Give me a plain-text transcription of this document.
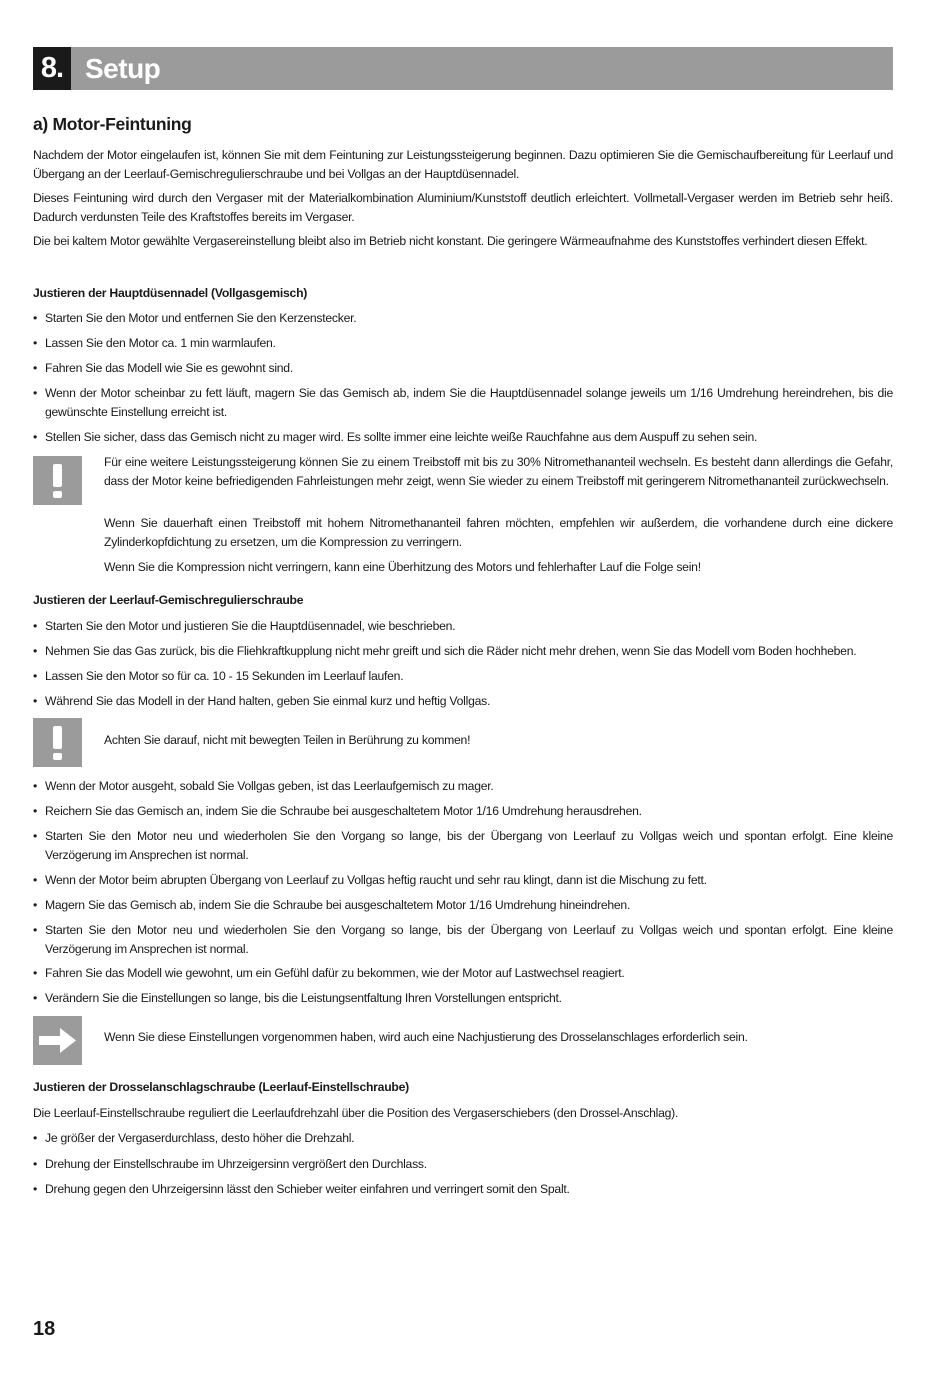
8. Setup
a) Motor-Feintuning

Nachdem der Motor eingelaufen ist, können Sie mit dem Feintuning zur Leistungssteigerung beginnen. Dazu optimieren Sie die Gemischaufbereitung für Leerlauf und Übergang an der Leerlauf-Gemischregulierschraube und bei Vollgas an der Hauptdüsennadel.

Dieses Feintuning wird durch den Vergaser mit der Materialkombination Aluminium/Kunststoff deutlich erleichtert. Vollmetall-Vergaser werden im Betrieb sehr heiß. Dadurch verdunsten Teile des Kraftstoffes bereits im Vergaser.

Die bei kaltem Motor gewählte Vergasereinstellung bleibt also im Betrieb nicht konstant. Die geringere Wärmeaufnahme des Kunststoffes verhindert diesen Effekt.

Justieren der Hauptdüsennadel (Vollgasgemisch)
• Starten Sie den Motor und entfernen Sie den Kerzenstecker.
• Lassen Sie den Motor ca. 1 min warmlaufen.
• Fahren Sie das Modell wie Sie es gewohnt sind.
• Wenn der Motor scheinbar zu fett läuft, magern Sie das Gemisch ab, indem Sie die Hauptdüsennadel solange jeweils um 1/16 Umdrehung hereindrehen, bis die gewünschte Einstellung erreicht ist.
• Stellen Sie sicher, dass das Gemisch nicht zu mager wird. Es sollte immer eine leichte weiße Rauchfahne aus dem Auspuff zu sehen sein.
Für eine weitere Leistungssteigerung können Sie zu einem Treibstoff mit bis zu 30% Nitromethananteil wechseln. Es besteht dann allerdings die Gefahr, dass der Motor keine befriedigenden Fahrleistungen mehr zeigt, wenn Sie wieder zu einem Treibstoff mit geringerem Nitromethananteil zurückwechseln.
Wenn Sie dauerhaft einen Treibstoff mit hohem Nitromethananteil fahren möchten, empfehlen wir außerdem, die vorhandene durch eine dickere Zylinderkopfdichtung zu ersetzen, um die Kompression zu verringern.
Wenn Sie die Kompression nicht verringern, kann eine Überhitzung des Motors und fehlerhafter Lauf die Folge sein!
Justieren der Leerlauf-Gemischregulierschraube
• Starten Sie den Motor und justieren Sie die Hauptdüsennadel, wie beschrieben.
• Nehmen Sie das Gas zurück, bis die Fliehkraftkupplung nicht mehr greift und sich die Räder nicht mehr drehen, wenn Sie das Modell vom Boden hochheben.
• Lassen Sie den Motor so für ca. 10 - 15 Sekunden im Leerlauf laufen.
• Während Sie das Modell in der Hand halten, geben Sie einmal kurz und heftig Vollgas.
Achten Sie darauf, nicht mit bewegten Teilen in Berührung zu kommen!
• Wenn der Motor ausgeht, sobald Sie Vollgas geben, ist das Leerlaufgemisch zu mager.
• Reichern Sie das Gemisch an, indem Sie die Schraube bei ausgeschaltetem Motor 1/16 Umdrehung herausdrehen.
• Starten Sie den Motor neu und wiederholen Sie den Vorgang so lange, bis der Übergang von Leerlauf zu Vollgas weich und spontan erfolgt. Eine kleine Verzögerung im Ansprechen ist normal.
• Wenn der Motor beim abrupten Übergang von Leerlauf zu Vollgas heftig raucht und sehr rau klingt, dann ist die Mischung zu fett.
• Magern Sie das Gemisch ab, indem Sie die Schraube bei ausgeschaltetem Motor 1/16 Umdrehung hineindrehen.
• Starten Sie den Motor neu und wiederholen Sie den Vorgang so lange, bis der Übergang von Leerlauf zu Vollgas weich und spontan erfolgt. Eine kleine Verzögerung im Ansprechen ist normal.
• Fahren Sie das Modell wie gewohnt, um ein Gefühl dafür zu bekommen, wie der Motor auf Lastwechsel reagiert.
• Verändern Sie die Einstellungen so lange, bis die Leistungsentfaltung Ihren Vorstellungen entspricht.
Wenn Sie diese Einstellungen vorgenommen haben, wird auch eine Nachjustierung des Drosselanschlages erforderlich sein.
Justieren der Drosselanschlagschraube (Leerlauf-Einstellschraube)

Die Leerlauf-Einstellschraube reguliert die Leerlaufdrehzahl über die Position des Vergaserschiebers (den Drossel-Anschlag).

• Je größer der Vergaserdurchlass, desto höher die Drehzahl.
• Drehung der Einstellschraube im Uhrzeigersinn vergrößert den Durchlass.
• Drehung gegen den Uhrzeigersinn lässt den Schieber weiter einfahren und verringert somit den Spalt.
18
